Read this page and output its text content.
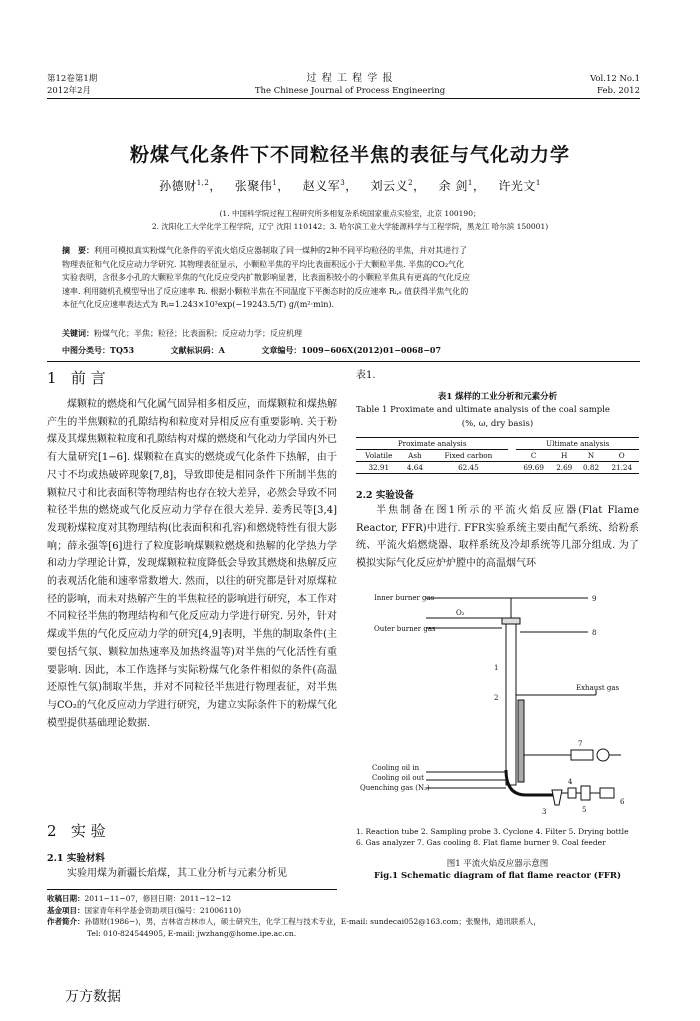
第12卷第1期
2012年2月
过 程 工 程 学 报
The Chinese Journal of Process Engineering
Vol.12 No.1
Feb. 2012
粉煤气化条件下不同粒径半焦的表征与气化动力学
孙德财$^{1,2}$，   张聚伟$^1$，   赵义军$^3$，   刘云义$^2$，   余 剑$^1$，   许光文$^1$
(1. 中国科学院过程工程研究所多相复杂系统国家重点实验室，北京 100190；
2. 沈阳化工大学化学工程学院，辽宁 沈阳 110142；3. 哈尔滨工业大学能源科学与工程学院，黑龙江 哈尔滨 150001)
摘　要：利用可模拟真实粉煤气化条件的平流火焰反应器制取了同一煤种的2种不同平均粒径的半焦，并对其进行了
物理表征和气化反应动力学研究. 其物理表征显示，小颗粒半焦的平均比表面积远小于大颗粒半焦. 半焦的CO₂气化
实验表明，含很多小孔的大颗粒半焦的气化反应受内扩散影响显著，比表面积较小的小颗粒半焦具有更高的气化反应
速率. 利用随机孔模型导出了反应速率 Rᵢ. 根据小颗粒半焦在不同温度下平衡态时的反应速率 Rᵢ,ₛ 值获得半焦气化的
本征气化反应速率表达式为 Rᵢ=1.243×10³exp(−19243.5/T) g/(m²·min).
关键词：粉煤气化；半焦；粒径；比表面积；反应动力学；反应机理
中图分类号：TQ53	文献标识码：A	文章编号：1009−606X(2012)01−0068−07
1 前 言

煤颗粒的燃烧和气化属气固异相多相反应，而煤颗粒和煤热解产生的半焦颗粒的孔隙结构和粒度对异相反应有重要影响. 关于粉煤及其煤焦颗粒粒度和孔隙结构对煤的燃烧和气化动力学国内外已有大量研究[1−6]. 煤颗粒在真实的燃烧或气化条件下热解，由于尺寸不均或热破碎现象[7,8]，导致即使是相同条件下所制半焦的颗粒尺寸和比表面积等物理结构也存在较大差异，必然会导致不同粒径半焦的燃烧或气化反应动力学存在很大差异. 姜秀民等[3,4]发现粉煤粒度对其物理结构(比表面积和孔容)和燃烧特性有很大影响；薛永强等[6]进行了粒度影响煤颗粒燃烧和热解的化学热力学和动力学理论计算，发现煤颗粒粒度降低会导致其燃烧和热解反应的表观活化能和速率常数增大. 然而，以往的研究都是针对原煤粒径的影响，而未对热解产生的半焦粒径的影响进行研究，本工作对不同粒径半焦的物理结构和气化反应动力学进行研究. 另外，针对煤或半焦的气化反应动力学的研究[4,9]表明，半焦的制取条件(主要包括气氛、颗粒加热速率及加热终温等)对半焦的气化活性有重要影响. 因此，本工作选择与实际粉煤气化条件相似的条件(高温还原性气氛)制取半焦，并对不同粒径半焦进行物理表征，对半焦与CO₂的气化反应动力学进行研究，为建立实际条件下的粉煤气化模型提供基础理论数据.

2 实 验
2.1 实验材料

实验用煤为新疆长焰煤，其工业分析与元素分析见

表1.
表1 煤样的工业分析和元素分析
Table 1 Proximate and ultimate analysis of the coal sample
(%, ω, dry basis)
Proximate analysis				Ultimate analysis			
Volatile	Ash	Fixed carbon		C	H	N	O
32.91	4.64	62.45		69.69	2.69	0.82	21.24
2.2 实验设备

半焦制备在图1所示的平流火焰反应器(Flat Flame Reactor, FFR)中进行. FFR实验系统主要由配气系统、给粉系统、平流火焰燃烧器、取样系统及冷却系统等几部分组成. 为了模拟实际气化反应炉炉膛中的高温烟气环

Inner burner gas
O₂
Outer burner gas
Exhaust gas
Cooling oil in
Cooling oil out
Quenching gas (N₂)
1
2
3
4
5
6
7
8
9
1. Reaction tube 2. Sampling probe 3. Cyclone 4. Filter 5. Drying bottle
6. Gas analyzer 7. Gas cooling 8. Flat flame burner 9. Coal feeder
图1 平流火焰反应器示意图
Fig.1 Schematic diagram of flat flame reactor (FFR)
收稿日期：2011−11−07，修回日期：2011−12−12
基金项目：国家青年科学基金资助项目(编号：21006110)
作者简介：孙德财(1986−)，男，吉林省吉林市人，硕士研究生，化学工程与技术专业，E-mail: sundecai052@163.com；张聚伟，通讯联系人，
Tel: 010-824544905, E-mail: jwzhang@home.ipe.ac.cn.
万方数据
